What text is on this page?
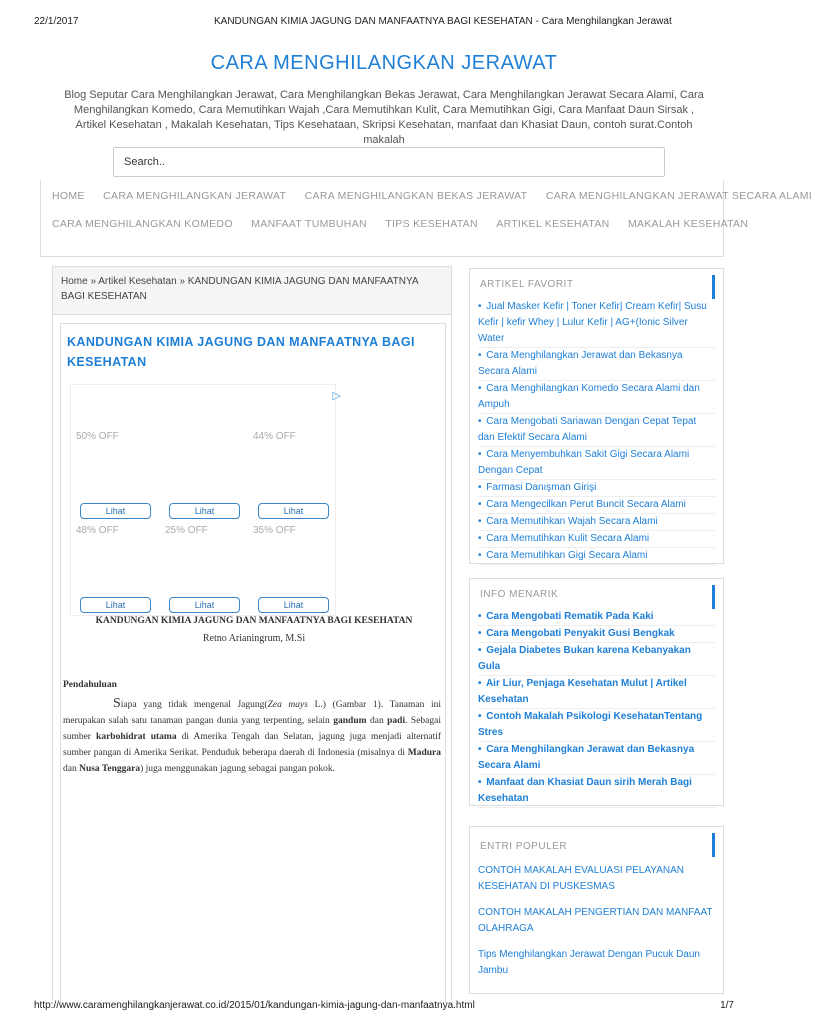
22/1/2017	KANDUNGAN KIMIA JAGUNG DAN MANFAATNYA BAGI KESEHATAN - Cara Menghilangkan Jerawat
CARA MENGHILANGKAN JERAWAT
Blog Seputar Cara Menghilangkan Jerawat, Cara Menghilangkan Bekas Jerawat, Cara Menghilangkan Jerawat Secara Alami, Cara Menghilangkan Komedo, Cara Memutihkan Wajah ,Cara Memutihkan Kulit, Cara Memutihkan Gigi, Cara Manfaat Daun Sirsak , Artikel Kesehatan , Makalah Kesehatan, Tips Kesehataan, Skripsi Kesehatan, manfaat dan Khasiat Daun, contoh surat.Contoh makalah
Search..
HOME CARA MENGHILANGKAN JERAWAT CARA MENGHILANGKAN BEKAS JERAWAT CARA MENGHILANGKAN JERAWAT SECARA ALAMI
CARA MENGHILANGKAN KOMEDO MANFAAT TUMBUHAN TIPS KESEHATAN ARTIKEL KESEHATAN MAKALAH KESEHATAN
Home » Artikel Kesehatan » KANDUNGAN KIMIA JAGUNG DAN MANFAATNYA BAGI KESEHATAN
KANDUNGAN KIMIA JAGUNG DAN MANFAATNYA BAGI KESEHATAN
▷
50% OFF	44% OFF
Lihat	Lihat	Lihat
48% OFF	25% OFF	35% OFF
Lihat	Lihat	Lihat
KANDUNGAN KIMIA JAGUNG DAN MANFAATNYA BAGI KESEHATAN
Retno Arianingrum, M.Si
Pendahuluan
Siapa yang tidak mengenal Jagung(Zea mays L.) (Gambar 1). Tanaman ini merupakan salah satu tanaman pangan dunia yang terpenting, selain gandum dan padi. Sebagai sumber karbohidrat utama di Amerika Tengah dan Selatan, jagung juga menjadi alternatif sumber pangan di Amerika Serikat. Penduduk beberapa daerah di Indonesia (misalnya di Madura dan Nusa Tenggara) juga menggunakan jagung sebagai pangan pokok.
ARTIKEL FAVORIT
• Jual Masker Kefir | Toner Kefir| Cream Kefir| Susu Kefir | kefir Whey | Lulur Kefir | AG+(Ionic Silver Water
• Cara Menghilangkan Jerawat dan Bekasnya Secara Alami
• Cara Menghilangkan Komedo Secara Alami dan Ampuh
• Cara Mengobati Sariawan Dengan Cepat Tepat dan Efektif Secara Alami
• Cara Menyembuhkan Sakit Gigi Secara Alami Dengan Cepat
• Farmasi Danışman Girişi
• Cara Mengecilkan Perut Buncit Secara Alami
• Cara Memutihkan Wajah Secara Alami
• Cara Memutihkan Kulit Secara Alami
• Cara Memutihkan Gigi Secara Alami
INFO MENARIK
• Cara Mengobati Rematik Pada Kaki
• Cara Mengobati Penyakit Gusi Bengkak
• Gejala Diabetes Bukan karena Kebanyakan Gula
• Air Liur, Penjaga Kesehatan Mulut | Artikel Kesehatan
• Contoh Makalah Psikologi KesehatanTentang Stres
• Cara Menghilangkan Jerawat dan Bekasnya Secara Alami
• Manfaat dan Khasiat Daun sirih Merah Bagi Kesehatan
ENTRI POPULER
CONTOH MAKALAH EVALUASI PELAYANAN KESEHATAN DI PUSKESMAS
CONTOH MAKALAH PENGERTIAN DAN MANFAAT OLAHRAGA
Tips Menghilangkan Jerawat Dengan Pucuk Daun Jambu
http://www.caramenghilangkanjerawat.co.id/2015/01/kandungan-kimia-jagung-dan-manfaatnya.html	1/7
